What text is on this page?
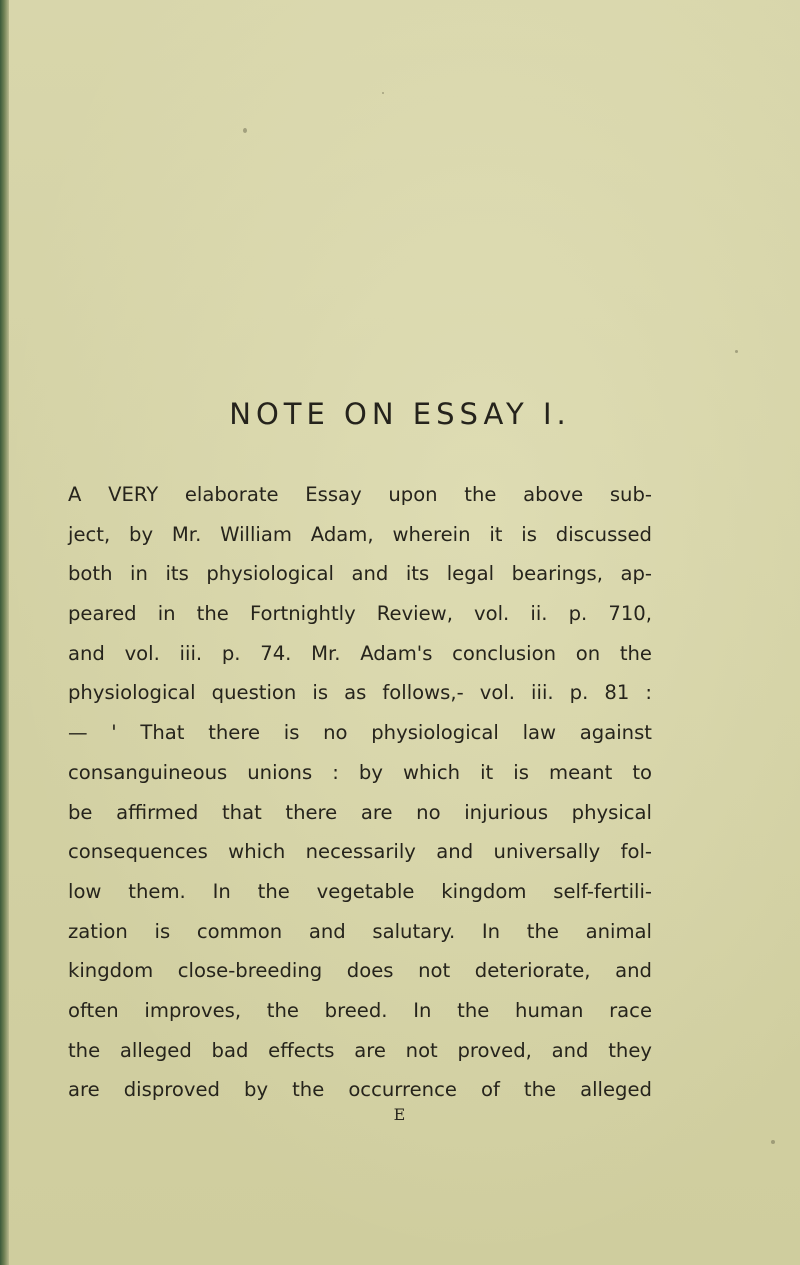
NOTE ON ESSAY I.
A VERY elaborate Essay upon the above sub-
ject, by Mr. William Adam, wherein it is discussed
both in its physiological and its legal bearings, ap-
peared in the Fortnightly Review, vol. ii. p. 710,
and vol. iii. p. 74. Mr. Adam's conclusion on the
physiological question is as follows,- vol. iii. p. 81 :
— ' That there is no physiological law against
consanguineous unions : by which it is meant to
be affirmed that there are no injurious physical
consequences which necessarily and universally fol-
low them. In the vegetable kingdom self-fertili-
zation is common and salutary. In the animal
kingdom close-breeding does not deteriorate, and
often improves, the breed. In the human race
the alleged bad effects are not proved, and they
are disproved by the occurrence of the alleged
E
